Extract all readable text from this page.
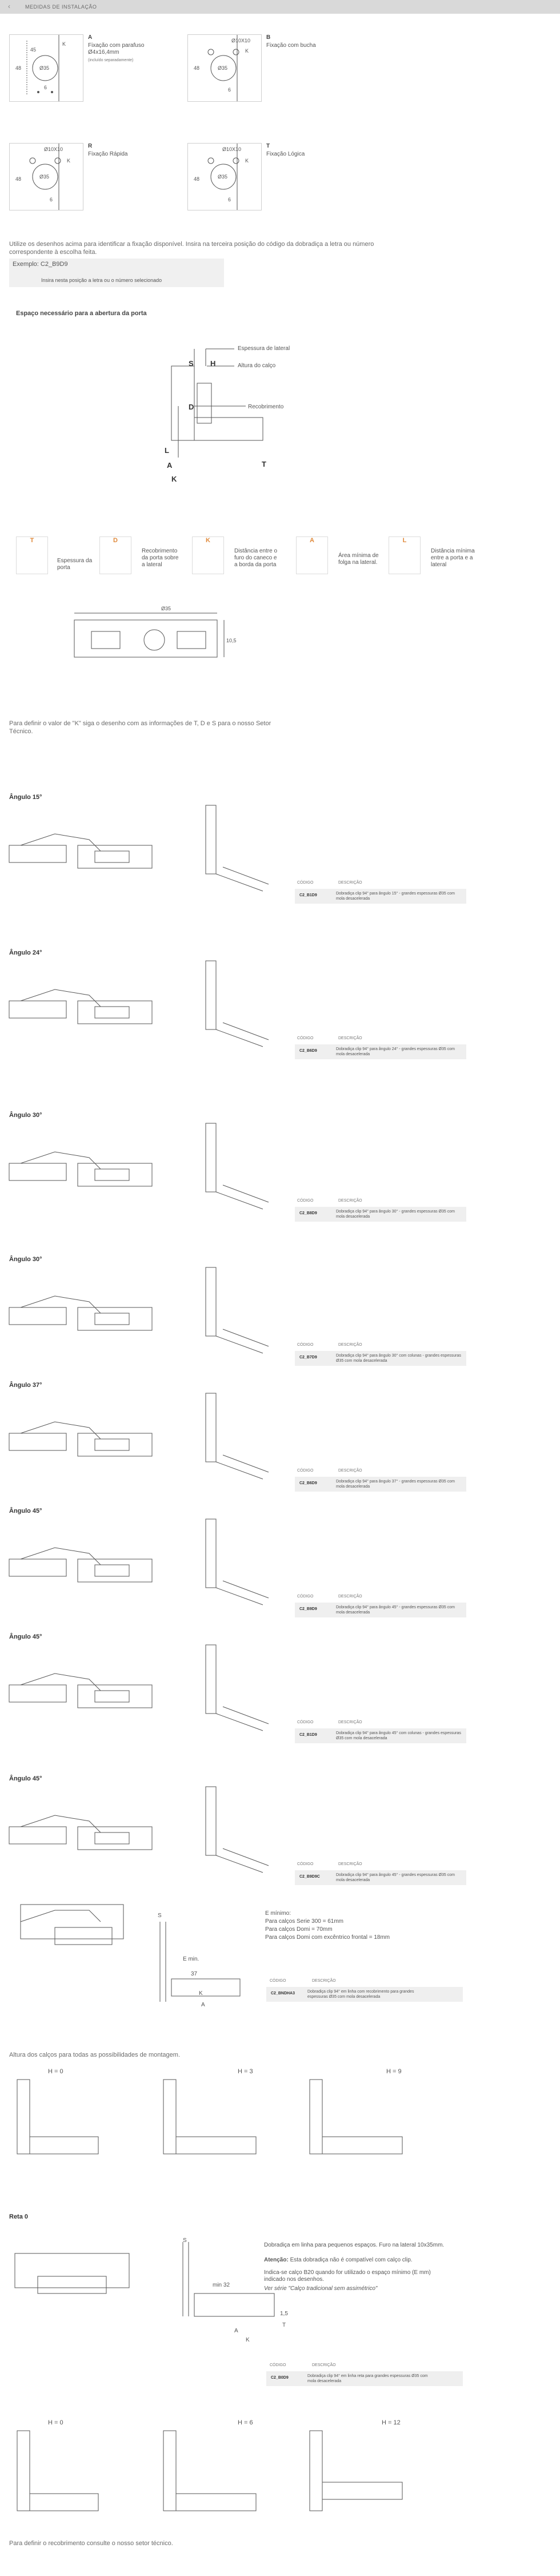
‹	MEDIDAS DE INSTALAÇÃO
48
45
Ø35
K
6
A
Fixação com parafuso Ø4x16,4mm
(incluído separadamente)
Ø10X10
48
K
6
Ø35
B
Fixação com bucha
Ø10X10
48
K
6
Ø35
R
Fixação Rápida
Ø10X10
48
K
6
Ø35
T
Fixação Lógica

Utilize os desenhos acima para identificar a fixação disponível. Insira na terceira posição do código da dobradiça a letra ou número correspondente à escolha feita.

Exemplo: C2_B9D9
Insira nesta posição a letra ou o número selecionado
Espaço necessário para a abertura da porta
Espessura de lateral
Altura do calço
Recobrimento
S H
D
L
A
K
T
T
Espessura da porta
D
Recobrimento da porta sobre a lateral
K
Distância entre o furo do caneco e a borda da porta
A
Área mínima de folga na lateral.
L
Distância mínima entre a porta e a lateral
Ø35
10,5

Para definir o valor de "K" siga o desenho com as informações de T, D e S para o nosso Setor Técnico.

Ângulo 15°
CÓDIGO	DESCRIÇÃO
C2_B1D9	Dobradiça clip 94° para ângulo 15° - grandes espessuras Ø35 com mola desacelerada
Ângulo 24°
CÓDIGO	DESCRIÇÃO
C2_B6D9	Dobradiça clip 94° para ângulo 24° - grandes espessuras Ø35 com mola desacelerada
Ângulo 30°
CÓDIGO	DESCRIÇÃO
C2_B8D9	Dobradiça clip 94° para ângulo 30° - grandes espessuras Ø35 com mola desacelerada
Ângulo 30°
CÓDIGO	DESCRIÇÃO
C2_B7D9	Dobradiça clip 94° para ângulo 30° com colunas - grandes espessuras Ø35 com mola desacelerada
Ângulo 37°
CÓDIGO	DESCRIÇÃO
C2_B6D9	Dobradiça clip 94° para ângulo 37° - grandes espessuras Ø35 com mola desacelerada
Ângulo 45°
CÓDIGO	DESCRIÇÃO
C2_B9D9	Dobradiça clip 94° para ângulo 45° - grandes espessuras Ø35 com mola desacelerada
Ângulo 45°
CÓDIGO	DESCRIÇÃO
C2_B1D9	Dobradiça clip 94° para ângulo 45° com colunas - grandes espessuras Ø35 com mola desacelerada
Ângulo 45°
CÓDIGO	DESCRIÇÃO
C2_B9D9C	Dobradiça clip 94° para ângulo 45° - grandes espessuras Ø35 com mola desacelerada
S
E min.
37
K
A
E mínimo:
Para calços Serie 300 = 61mm
Para calços Domi = 70mm
Para calços Domi com excêntrico frontal = 18mm
CÓDIGO	DESCRIÇÃO
C2_BNDHA3	Dobradiça clip 94° em linha com recobrimento para grandes espessuras Ø35 com mola desacelerada
Altura dos calços para todas as possibilidades de montagem.
H = 0	H = 3	H = 9
Reta 0
S
min 32
1,5
A
K
T
Dobradiça em linha para pequenos espaços. Furo na lateral 10x35mm.
Atenção: Esta dobradiça não é compatível com calço clip.
Indica-se calço B20 quando for utilizado o espaço mínimo (E mm) indicado nos desenhos.
Ver série "Calço tradicional sem assimétrico"
CÓDIGO	DESCRIÇÃO
C2_B0D9	Dobradiça clip 94° em linha reta para grandes espessuras Ø35 com mola desacelerada
H = 0	H = 6	H = 12
Para definir o recobrimento consulte o nosso setor técnico.
